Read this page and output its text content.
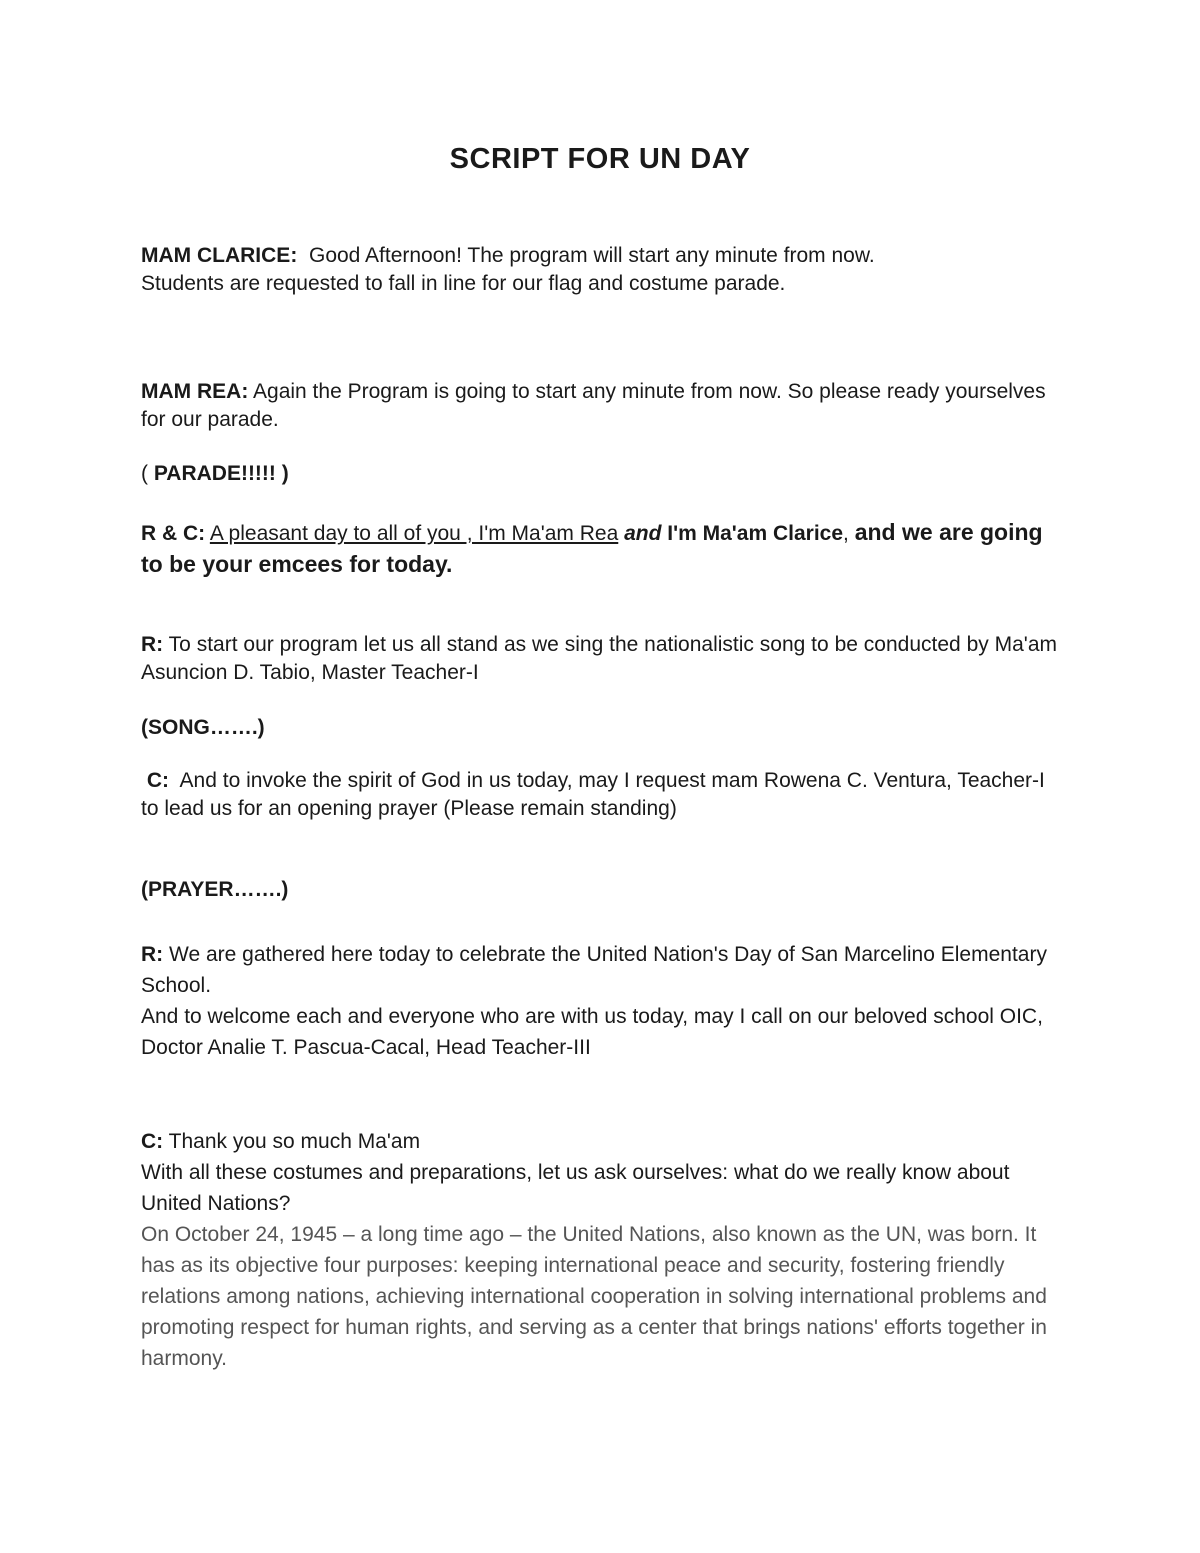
SCRIPT FOR UN DAY

MAM CLARICE: Good Afternoon! The program will start any minute from now.

Students are requested to fall in line for our flag and costume parade.

MAM REA: Again the Program is going to start any minute from now. So please ready yourselves for our parade.

( PARADE!!!!! )

R & C: A pleasant day to all of you , I'm Ma'am Rea and I'm Ma'am Clarice, and we are going to be your emcees for today.

R: To start our program let us all stand as we sing the nationalistic song to be conducted by Ma'am Asuncion D. Tabio, Master Teacher-I

(SONG…….)

C: And to invoke the spirit of God in us today, may I request mam Rowena C. Ventura, Teacher-I to lead us for an opening prayer (Please remain standing)

(PRAYER…….)

R: We are gathered here today to celebrate the United Nation's Day of San Marcelino Elementary School.

And to welcome each and everyone who are with us today, may I call on our beloved school OIC, Doctor Analie T. Pascua-Cacal, Head Teacher-III

C: Thank you so much Ma'am

With all these costumes and preparations, let us ask ourselves: what do we really know about United Nations?

On October 24, 1945 – a long time ago – the United Nations, also known as the UN, was born. It has as its objective four purposes: keeping international peace and security, fostering friendly relations among nations, achieving international cooperation in solving international problems and promoting respect for human rights, and serving as a center that brings nations' efforts together in harmony.
